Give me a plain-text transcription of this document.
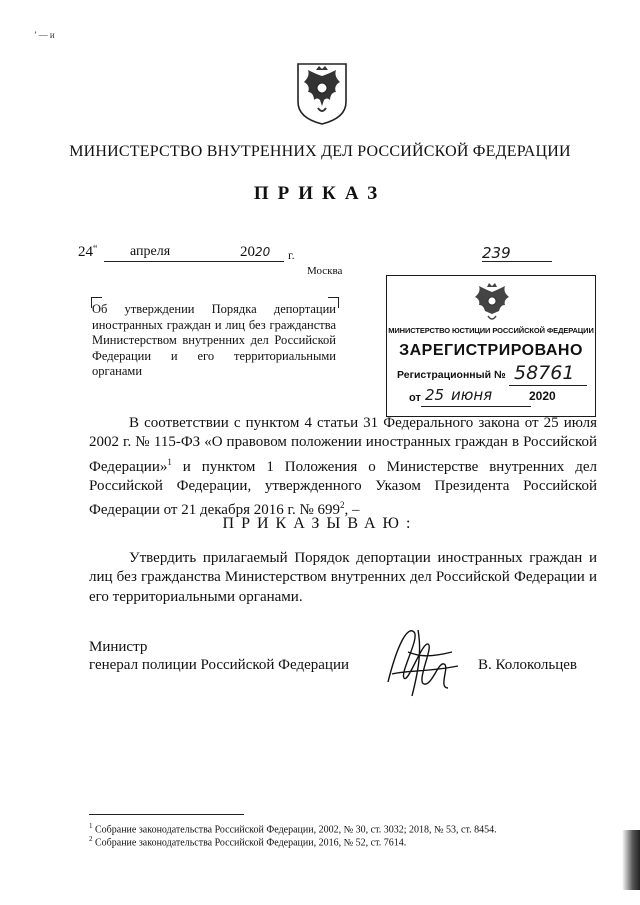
’ — и
МИНИСТЕРСТВО ВНУТРЕННИХ ДЕЛ РОССИЙСКОЙ ФЕДЕРАЦИИ
ПРИКАЗ
24“ апреля	2020 г.	239
Москва
Об утверждении Порядка депортации иностранных граждан и лиц без гражданства Министерством внутренних дел Российской Федерации и его территориальными органами
МИНИСТЕРСТВО ЮСТИЦИИ РОССИЙСКОЙ ФЕДЕРАЦИИ
ЗАРЕГИСТРИРОВАНО
Регистрационный № 58761
от 25 июня	2020
В соответствии с пунктом 4 статьи 31 Федерального закона от 25 июля 2002 г. № 115-ФЗ «О правовом положении иностранных граждан в Российской Федерации»$^1$ и пунктом 1 Положения о Министерстве внутренних дел Российской Федерации, утвержденного Указом Президента Российской Федерации от 21 декабря 2016 г. № $699^2$, –
ПРИКАЗЫВАЮ:
Утвердить прилагаемый Порядок депортации иностранных граждан и лиц без гражданства Министерством внутренних дел Российской Федерации и его территориальными органами.
Министр
генерал полиции Российской Федерации	В. Колокольцев
$^1$ Собрание законодательства Российской Федерации, 2002, № 30, ст. 3032; 2018, № 53, ст. 8454.
$^2$ Собрание законодательства Российской Федерации, 2016, № 52, ст. 7614.
